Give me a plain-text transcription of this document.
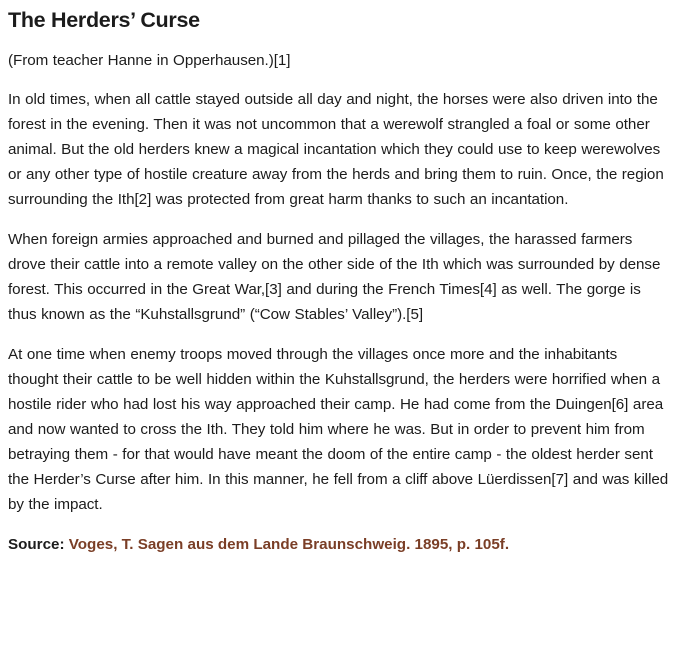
The Herders’ Curse

(From teacher Hanne in Opperhausen.)[1]

In old times, when all cattle stayed outside all day and night, the horses were also driven into the forest in the evening. Then it was not uncommon that a werewolf strangled a foal or some other animal. But the old herders knew a magical incantation which they could use to keep werewolves or any other type of hostile creature away from the herds and bring them to ruin. Once, the region surrounding the Ith[2] was protected from great harm thanks to such an incantation.

When foreign armies approached and burned and pillaged the villages, the harassed farmers drove their cattle into a remote valley on the other side of the Ith which was surrounded by dense forest. This occurred in the Great War,[3] and during the French Times[4] as well. The gorge is thus known as the “Kuhstallsgrund” (“Cow Stables’ Valley”).[5]

At one time when enemy troops moved through the villages once more and the inhabitants thought their cattle to be well hidden within the Kuhstallsgrund, the herders were horrified when a hostile rider who had lost his way approached their camp. He had come from the Duingen[6] area and now wanted to cross the Ith. They told him where he was. But in order to prevent him from betraying them - for that would have meant the doom of the entire camp - the oldest herder sent the Herder’s Curse after him. In this manner, he fell from a cliff above Lüerdissen[7] and was killed by the impact.

Source: Voges, T. Sagen aus dem Lande Braunschweig. 1895, p. 105f.
